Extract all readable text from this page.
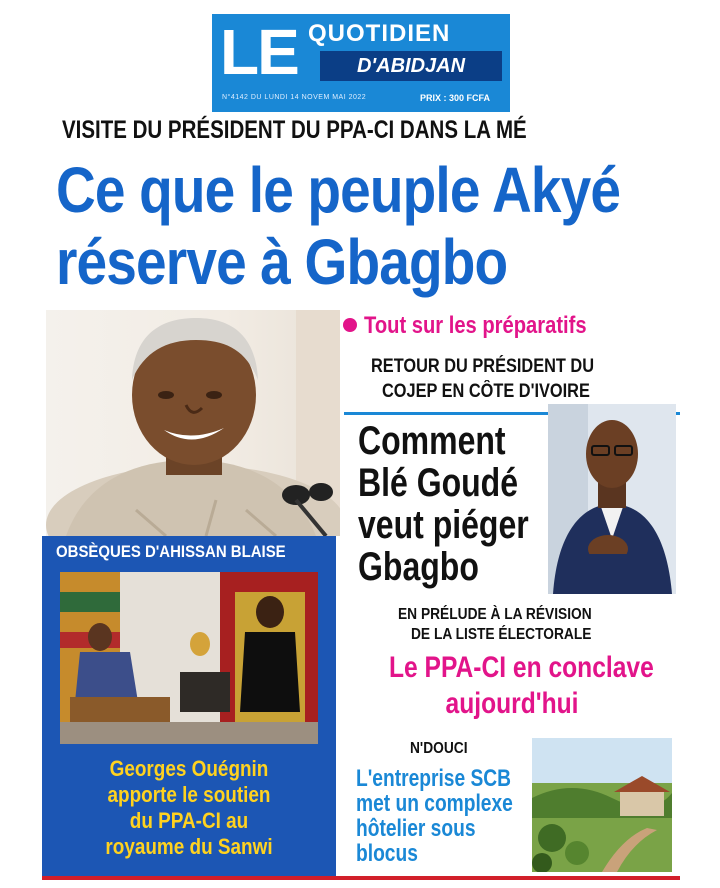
LE QUOTIDIEN
D'ABIDJAN
N°4142 DU LUNDI 14 NOVEM MAI 2022	PRIX : 300 FCFA
VISITE DU PRÉSIDENT DU PPA-CI DANS LA MÉ
Ce que le peuple Akyé
réserve à Gbagbo
Tout sur les préparatifs
RETOUR DU PRÉSIDENT DU
COJEP EN CÔTE D'IVOIRE
Comment
Blé Goudé
veut piéger
Gbagbo
EN PRÉLUDE À LA RÉVISION
DE LA LISTE ÉLECTORALE
Le PPA-CI en conclave
aujourd'hui
OBSÈQUES D'AHISSAN BLAISE
Georges Ouégnin
apporte le soutien
du PPA-CI au
royaume du Sanwi
N'DOUCI
L'entreprise SCB
met un complexe
hôtelier sous
blocus
